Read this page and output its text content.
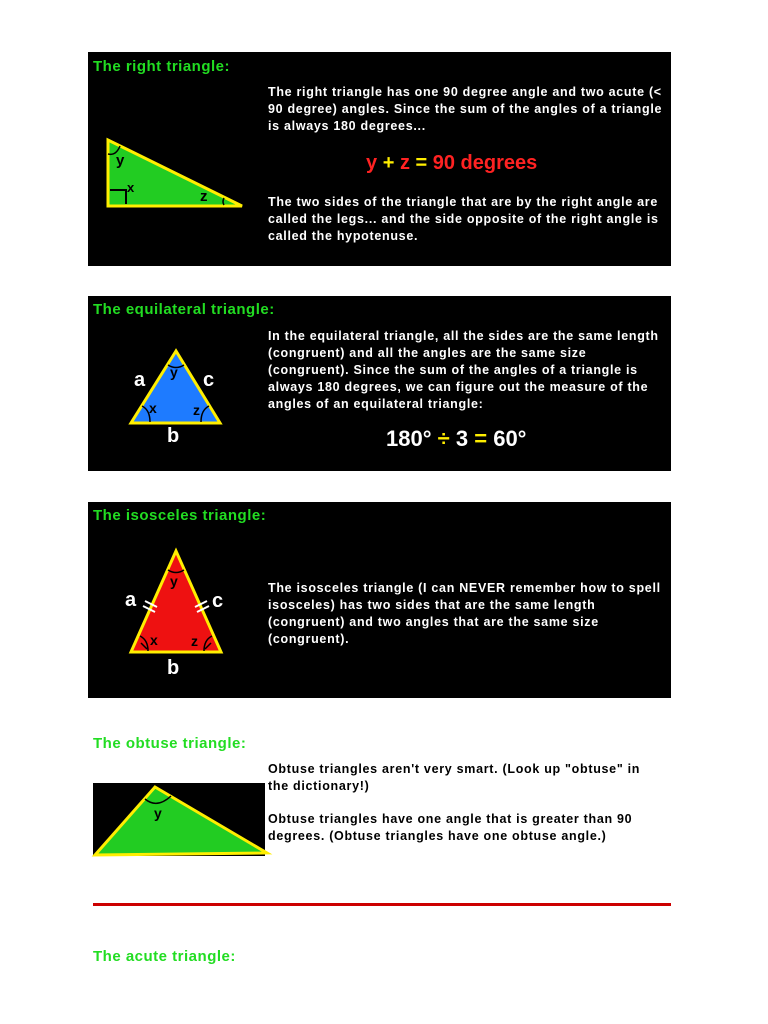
The right triangle:
y
x
z
The right triangle has one 90 degree angle and two acute (< 90 degree) angles. Since the sum of the angles of a triangle is always 180 degrees...
y + z = 90 degrees
The two sides of the triangle that are by the right angle are called the legs... and the side opposite of the right angle is called the hypotenuse.
The equilateral triangle:
a	c
b
y
x	z
In the equilateral triangle, all the sides are the same length (congruent) and all the angles are the same size (congruent). Since the sum of the angles of a triangle is always 180 degrees, we can figure out the measure of the angles of an equilateral triangle:
180° ÷ 3 = 60°
The isosceles triangle:
a	c
b
y
x z
The isosceles triangle (I can NEVER remember how to spell isosceles) has two sides that are the same length (congruent) and two angles that are the same size (congruent).
The obtuse triangle:
y
Obtuse triangles aren't very smart. (Look up "obtuse" in the dictionary!)
Obtuse triangles have one angle that is greater than 90 degrees. (Obtuse triangles have one obtuse angle.)
The acute triangle:
